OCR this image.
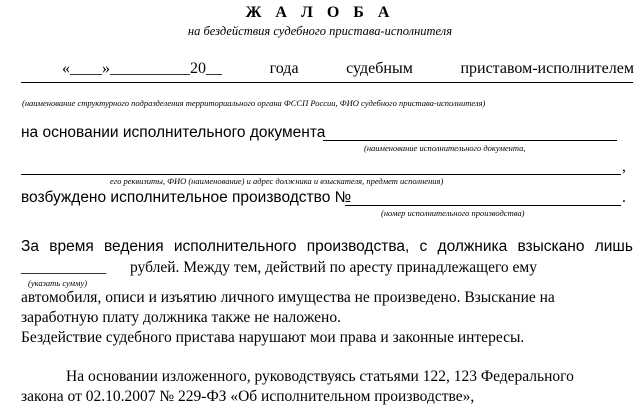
Ж А Л О Б А
на бездействия судебного пристава-исполнителя
«____»__________20__	года	судебным	приставом-исполнителем
(наименование структурного подразделения территориального органа ФССП России, ФИО судебного пристава-исполнителя)
на основании исполнительного документа
(наименование исполнительного документа,
,
его реквизиты, ФИО (наименование) и адрес должника и взыскателя, предмет исполнения)
возбуждено исполнительное производство №	.
(номер исполнительного производства)
За время ведения исполнительного производства, с должника взыскано лишь
___________ рублей. Между тем, действий по аресту принадлежащего ему
(указать сумму)
автомобиля, описи и изъятию личного имущества не произведено. Взыскание на
заработную плату должника также не наложено.
Бездействие судебного пристава нарушают мои права и законные интересы.
На основании изложенного, руководствуясь статьями 122, 123 Федерального
закона от 02.10.2007 № 229-ФЗ «Об исполнительном производстве»,
